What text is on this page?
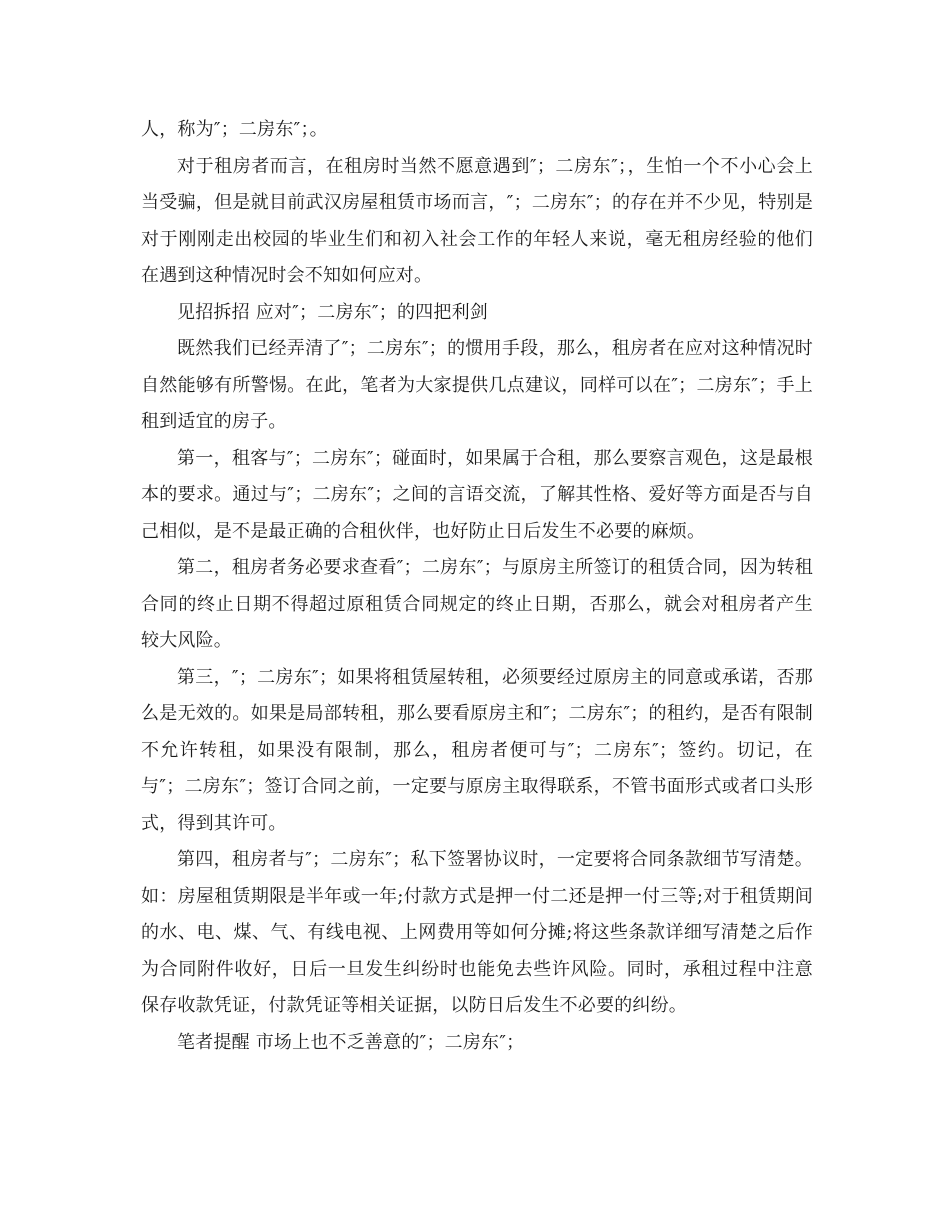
人，称为″；二房东″；。

对于租房者而言，在租房时当然不愿意遇到″；二房东″；，生怕一个不小心会上当受骗，但是就目前武汉房屋租赁市场而言，″；二房东″；的存在并不少见，特别是对于刚刚走出校园的毕业生们和初入社会工作的年轻人来说，毫无租房经验的他们在遇到这种情况时会不知如何应对。

见招拆招 应对″；二房东″；的四把利剑

既然我们已经弄清了″；二房东″；的惯用手段，那么，租房者在应对这种情况时自然能够有所警惕。在此，笔者为大家提供几点建议，同样可以在″；二房东″；手上租到适宜的房子。

第一，租客与″；二房东″；碰面时，如果属于合租，那么要察言观色，这是最根本的要求。通过与″；二房东″；之间的言语交流，了解其性格、爱好等方面是否与自己相似，是不是最正确的合租伙伴，也好防止日后发生不必要的麻烦。

第二，租房者务必要求查看″；二房东″；与原房主所签订的租赁合同，因为转租合同的终止日期不得超过原租赁合同规定的终止日期，否那么，就会对租房者产生较大风险。

第三，″；二房东″；如果将租赁屋转租，必须要经过原房主的同意或承诺，否那么是无效的。如果是局部转租，那么要看原房主和″；二房东″；的租约，是否有限制不允许转租，如果没有限制，那么，租房者便可与″；二房东″；签约。切记，在与″；二房东″；签订合同之前，一定要与原房主取得联系，不管书面形式或者口头形式，得到其许可。

第四，租房者与″；二房东″；私下签署协议时，一定要将合同条款细节写清楚。如：房屋租赁期限是半年或一年;付款方式是押一付二还是押一付三等;对于租赁期间的水、电、煤、气、有线电视、上网费用等如何分摊;将这些条款详细写清楚之后作为合同附件收好，日后一旦发生纠纷时也能免去些许风险。同时，承租过程中注意保存收款凭证，付款凭证等相关证据，以防日后发生不必要的纠纷。

笔者提醒 市场上也不乏善意的″；二房东″；
